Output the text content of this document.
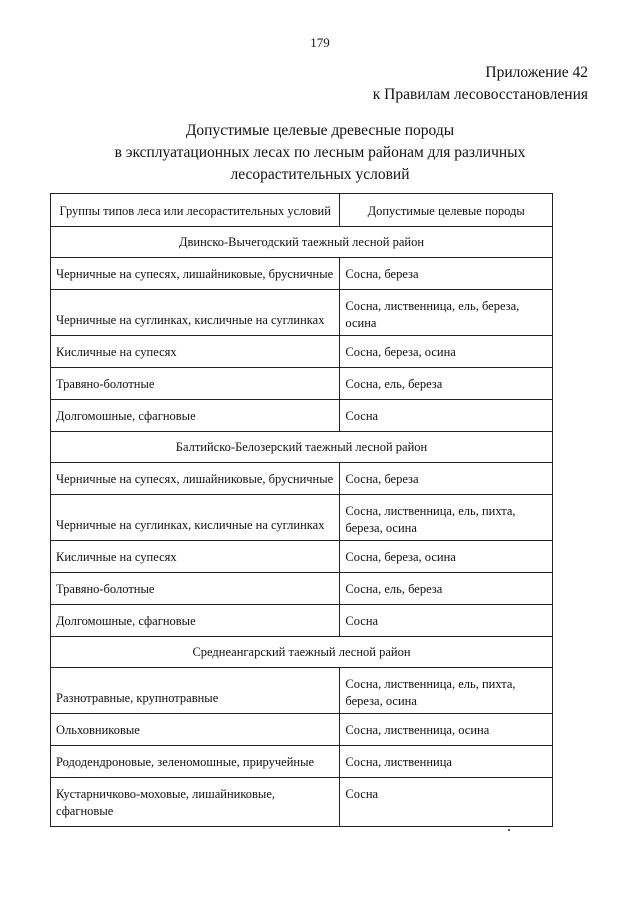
179
Приложение 42
к Правилам лесовосстановления
Допустимые целевые древесные породы
в эксплуатационных лесах по лесным районам для различных
лесорастительных условий
Группы типов леса или лесорастительных условий	Допустимые целевые породы
Двинско-Вычегодский таежный лесной район	
Черничные на супесях, лишайниковые, брусничные	Сосна, береза
Черничные на суглинках, кисличные на суглинках	Сосна, лиственница, ель, береза, осина
Кисличные на супесях	Сосна, береза, осина
Травяно-болотные	Сосна, ель, береза
Долгомошные, сфагновые	Сосна
Балтийско-Белозерский таежный лесной район	
Черничные на супесях, лишайниковые, брусничные	Сосна, береза
Черничные на суглинках, кисличные на суглинках	Сосна, лиственница, ель, пихта, береза, осина
Кисличные на супесях	Сосна, береза, осина
Травяно-болотные	Сосна, ель, береза
Долгомошные, сфагновые	Сосна
Среднеангарский таежный лесной район	
Разнотравные, крупнотравные	Сосна, лиственница, ель, пихта, береза, осина
Ольховниковые	Сосна, лиственница, осина
Рододендроновые, зеленомошные, приручейные	Сосна, лиственница
Кустарничково-моховые, лишайниковые, сфагновые	Сосна
